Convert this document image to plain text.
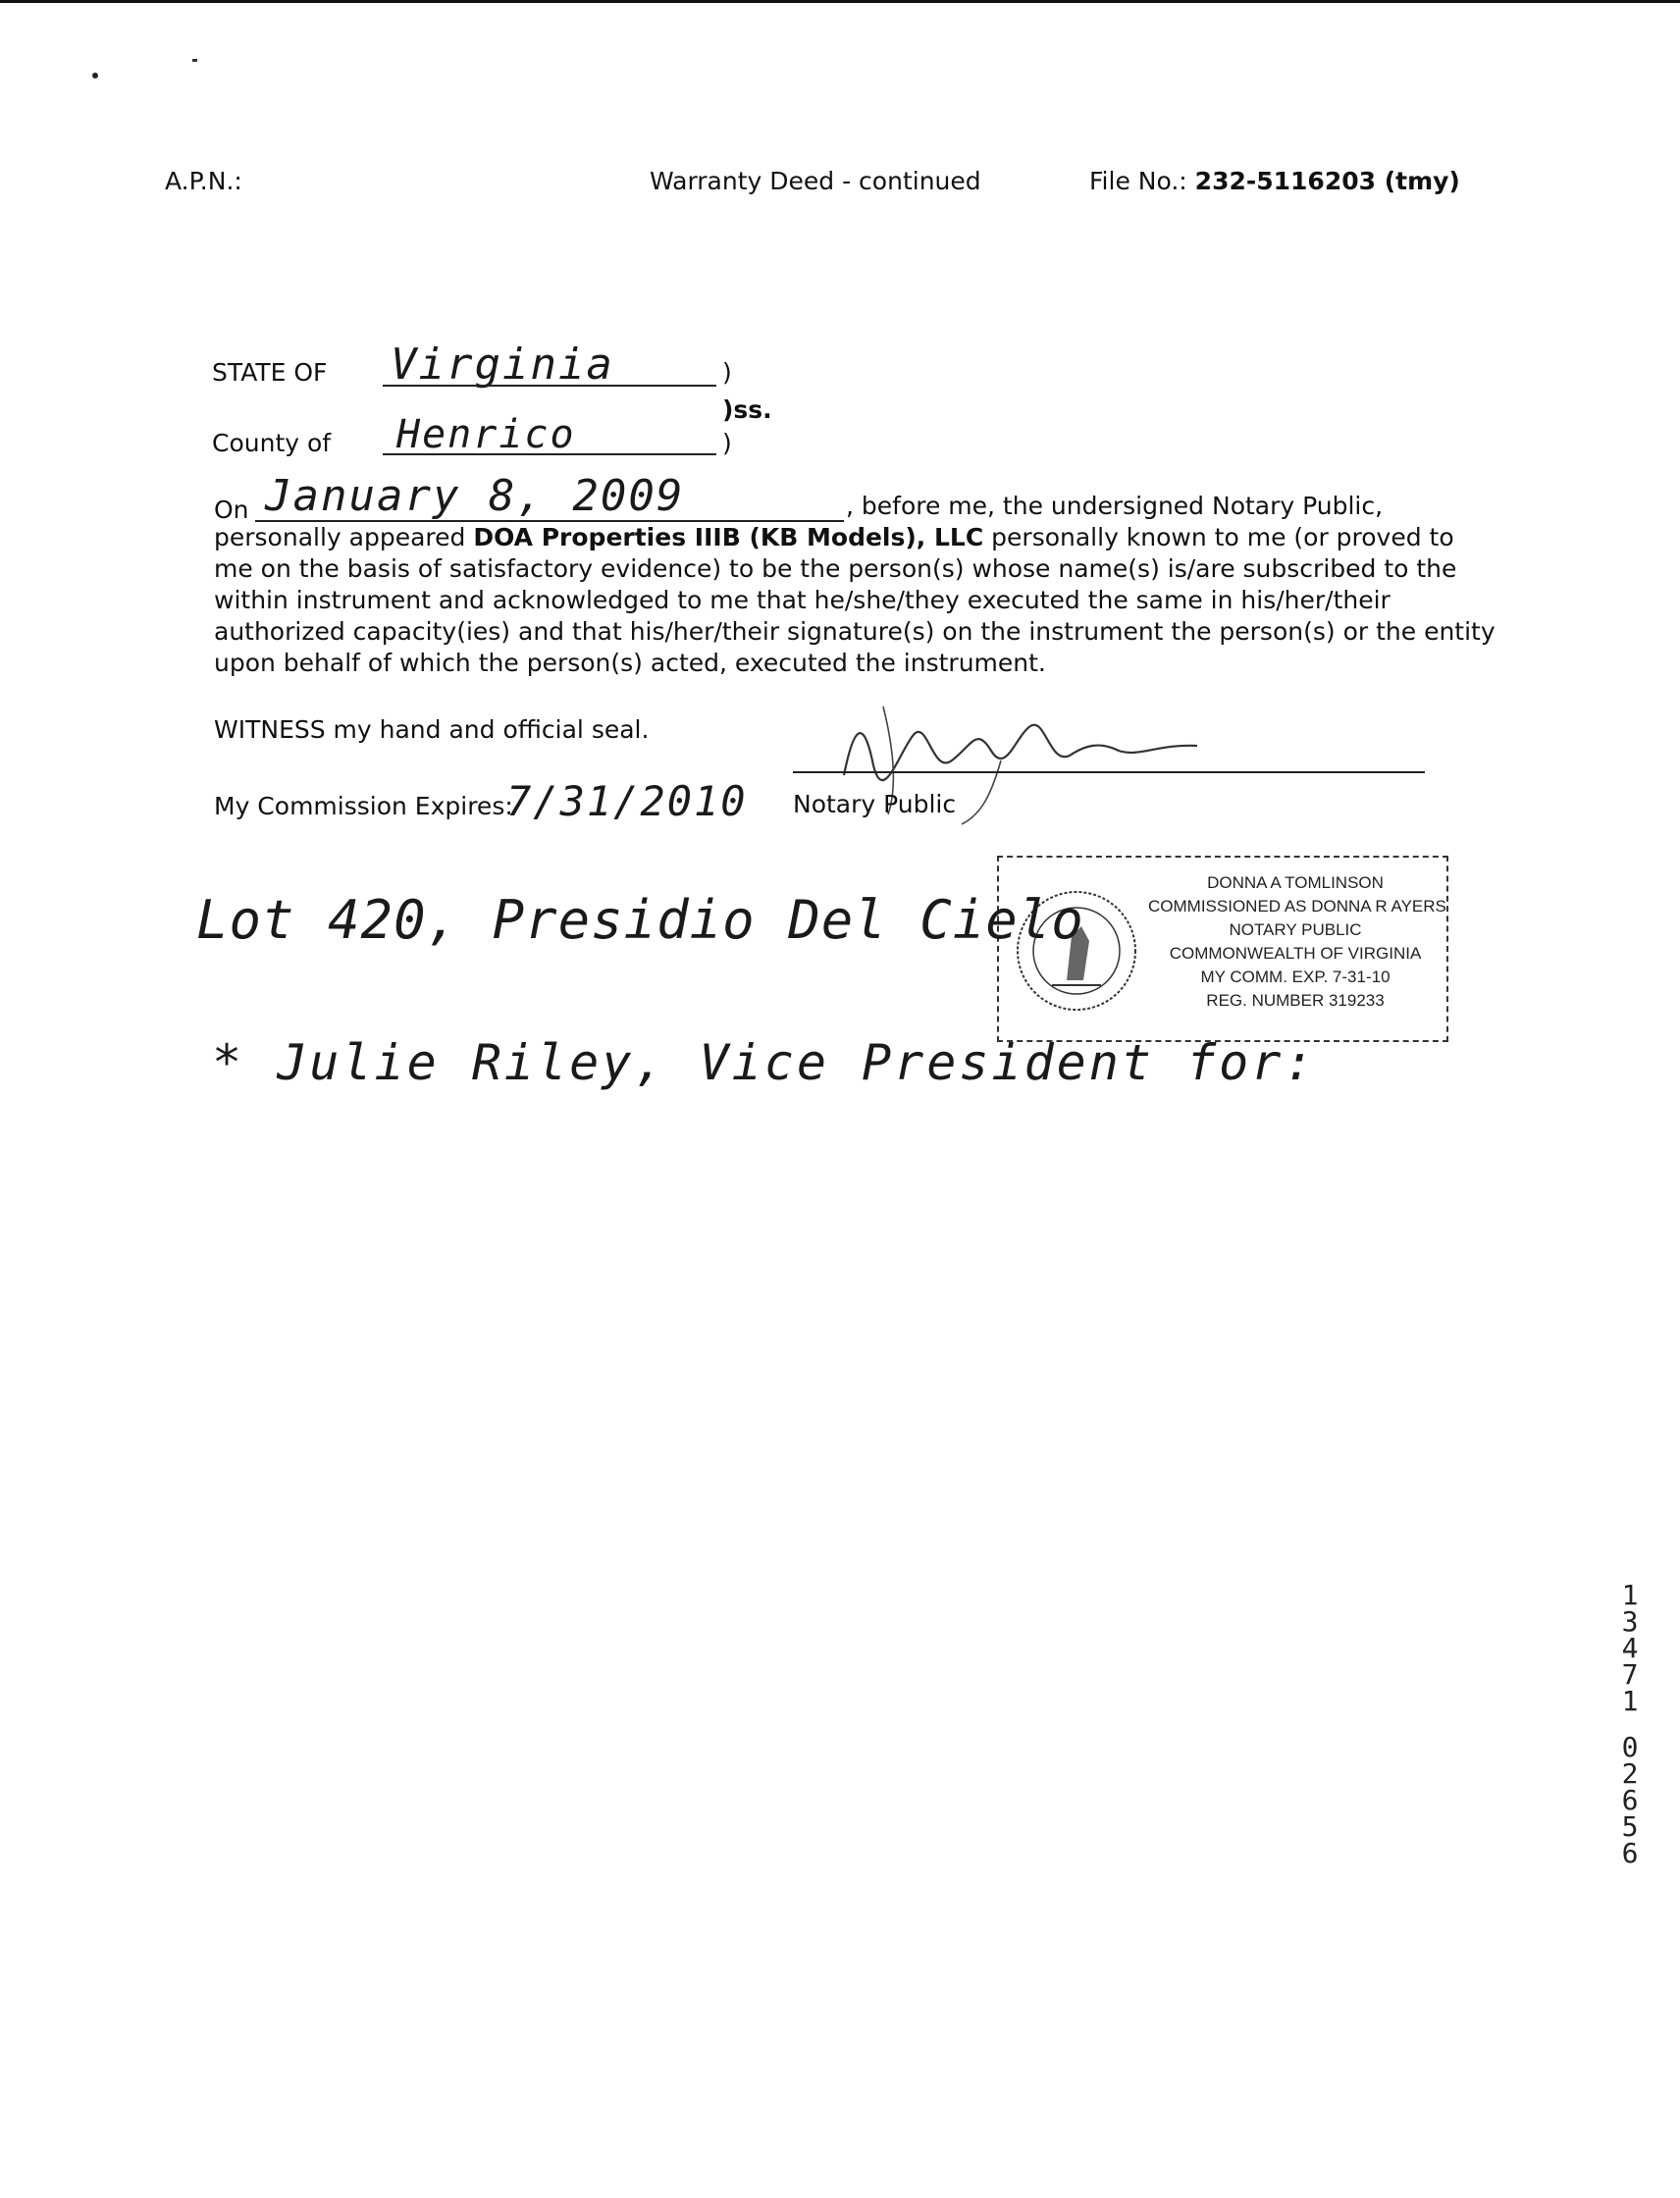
A.P.N.:	Warranty Deed - continued	File No.: 232-5116203 (tmy)
STATE OF Virginia	)
)ss.
County of Henrico	)
On January 8, 2009	, before me, the undersigned Notary Public,
personally appeared DOA Properties IIIB (KB Models), LLC personally known to me (or proved to
me on the basis of satisfactory evidence) to be the person(s) whose name(s) is/are subscribed to the
within instrument and acknowledged to me that he/she/they executed the same in his/her/their
authorized capacity(ies) and that his/her/their signature(s) on the instrument the person(s) or the entity
upon behalf of which the person(s) acted, executed the instrument.
WITNESS my hand and official seal.
My Commission Expires:
7/31/2010 Notary Public
DONNA A TOMLINSON
COMMISSIONED AS DONNA R AYERS
NOTARY PUBLIC
COMMONWEALTH OF VIRGINIA
MY COMM. EXP. 7-31-10
REG. NUMBER 319233
Lot 420, Presidio Del Cielo
* Julie Riley, Vice President for:
1
3
4
7
1
0
2
6
5
6
